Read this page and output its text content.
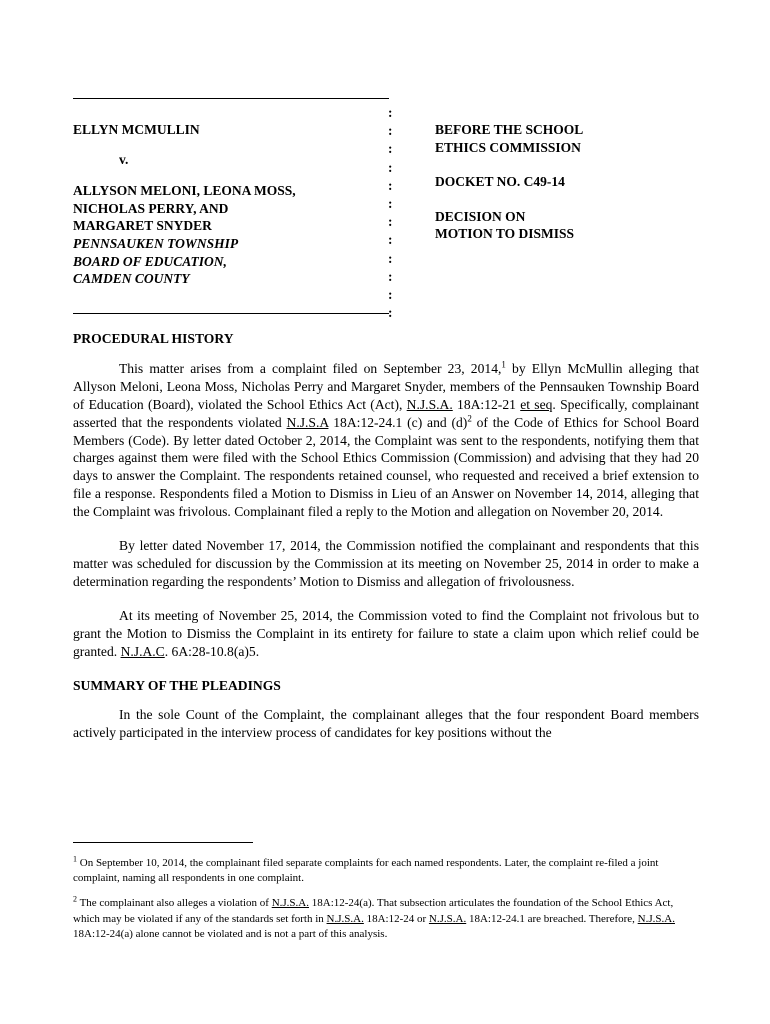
:
:
:
:
:
:
:
:
:
:
:
:
ELLYN MCMULLIN
v.
ALLYSON MELONI, LEONA MOSS,
NICHOLAS PERRY, AND
MARGARET SNYDER
PENNSAUKEN TOWNSHIP
BOARD OF EDUCATION,
CAMDEN COUNTY
BEFORE THE SCHOOL
ETHICS COMMISSION
DOCKET NO. C49-14
DECISION ON
MOTION TO DISMISS
PROCEDURAL HISTORY

This matter arises from a complaint filed on September 23, 2014,$^1$ by Ellyn McMullin alleging that Allyson Meloni, Leona Moss, Nicholas Perry and Margaret Snyder, members of the Pennsauken Township Board of Education (Board), violated the School Ethics Act (Act), N.J.S.A. 18A:12-21 et seq. Specifically, complainant asserted that the respondents violated N.J.S.A 18A:12-24.1 (c) and $(d)^2$ of the Code of Ethics for School Board Members (Code). By letter dated October 2, 2014, the Complaint was sent to the respondents, notifying them that charges against them were filed with the School Ethics Commission (Commission) and advising that they had 20 days to answer the Complaint. The respondents retained counsel, who requested and received a brief extension to file a response. Respondents filed a Motion to Dismiss in Lieu of an Answer on November 14, 2014, alleging that the Complaint was frivolous. Complainant filed a reply to the Motion and allegation on November 20, 2014.

By letter dated November 17, 2014, the Commission notified the complainant and respondents that this matter was scheduled for discussion by the Commission at its meeting on November 25, 2014 in order to make a determination regarding the respondents’ Motion to Dismiss and allegation of frivolousness.

At its meeting of November 25, 2014, the Commission voted to find the Complaint not frivolous but to grant the Motion to Dismiss the Complaint in its entirety for failure to state a claim upon which relief could be granted. N.J.A.C. 6A:28-10.8(a)5.

SUMMARY OF THE PLEADINGS

In the sole Count of the Complaint, the complainant alleges that the four respondent Board members actively participated in the interview process of candidates for key positions without the

$^1$ On September 10, 2014, the complainant filed separate complaints for each named respondents. Later, the complaint re-filed a joint complaint, naming all respondents in one complaint.
$^2$ The complainant also alleges a violation of N.J.S.A. 18A:12-24(a). That subsection articulates the foundation of the School Ethics Act, which may be violated if any of the standards set forth in N.J.S.A. 18A:12-24 or N.J.S.A. 18A:12-24.1 are breached. Therefore, N.J.S.A. 18A:12-24(a) alone cannot be violated and is not a part of this analysis.
